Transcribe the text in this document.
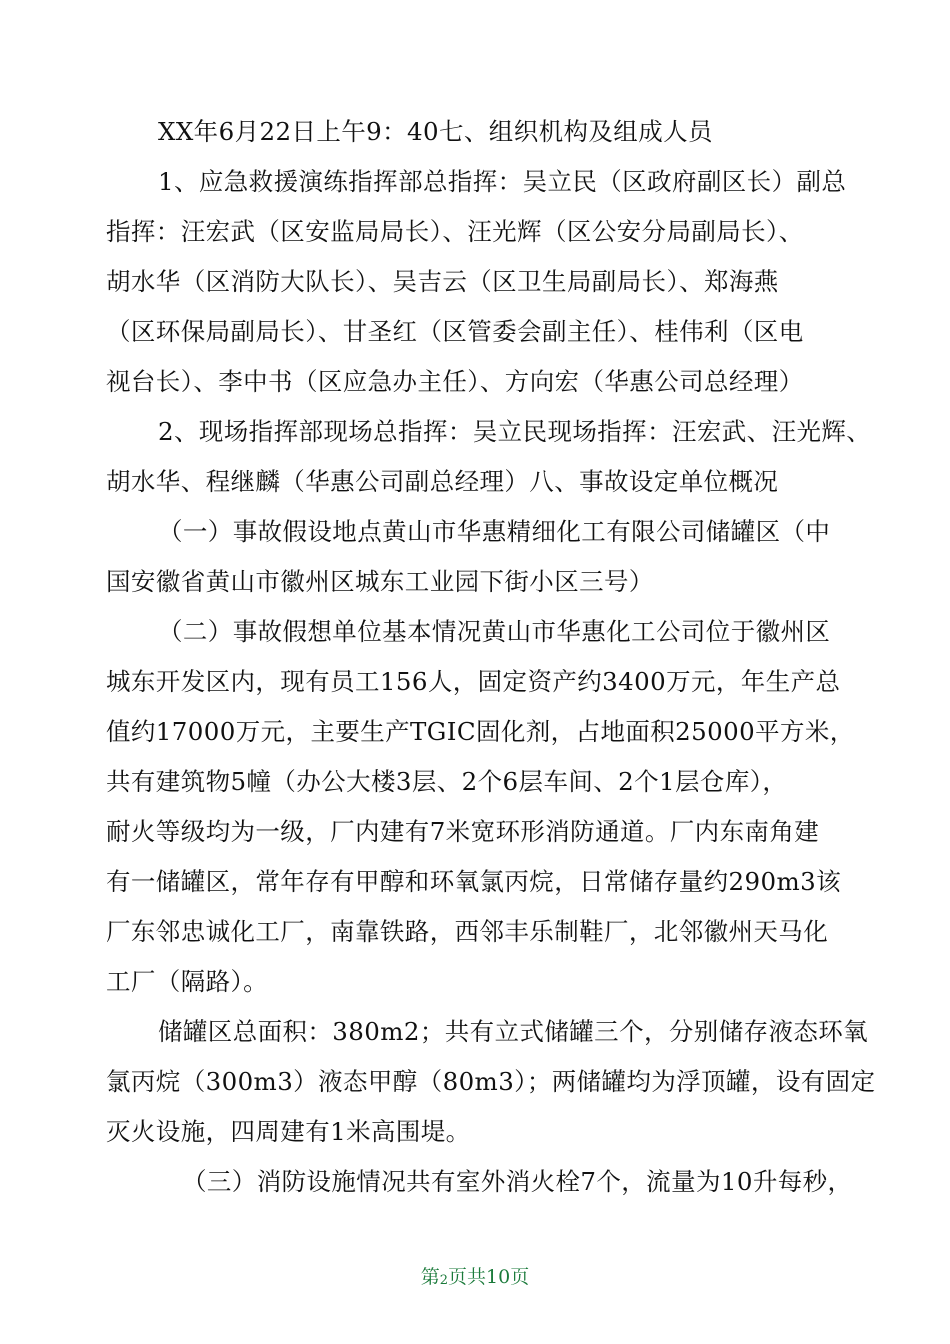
XX年6月22日上午9：40七、组织机构及组成人员
1、应急救援演练指挥部总指挥：吴立民（区政府副区长）副总
指挥：汪宏武（区安监局局长）、汪光辉（区公安分局副局长）、
胡水华（区消防大队长）、吴吉云（区卫生局副局长）、郑海燕
（区环保局副局长）、甘圣红（区管委会副主任）、桂伟利（区电
视台长）、李中书（区应急办主任）、方向宏（华惠公司总经理）
2、现场指挥部现场总指挥：吴立民现场指挥：汪宏武、汪光辉、
胡水华、程继麟（华惠公司副总经理）八、事故设定单位概况
（一）事故假设地点黄山市华惠精细化工有限公司储罐区（中
国安徽省黄山市徽州区城东工业园下街小区三号）
（二）事故假想单位基本情况黄山市华惠化工公司位于徽州区
城东开发区内，现有员工156人，固定资产约3400万元，年生产总
值约17000万元，主要生产TGIC固化剂，占地面积25000平方米，
共有建筑物5幢（办公大楼3层、2个6层车间、2个1层仓库），
耐火等级均为一级，厂内建有7米宽环形消防通道。厂内东南角建
有一储罐区，常年存有甲醇和环氧氯丙烷，日常储存量约290m3该
厂东邻忠诚化工厂，南靠铁路，西邻丰乐制鞋厂，北邻徽州天马化
工厂（隔路）。
储罐区总面积：380m2；共有立式储罐三个，分别储存液态环氧
氯丙烷（300m3）液态甲醇（80m3）；两储罐均为浮顶罐，设有固定
灭火设施，四周建有1米高围堤。
（三）消防设施情况共有室外消火栓7个，流量为10升每秒，
第2页共10页
